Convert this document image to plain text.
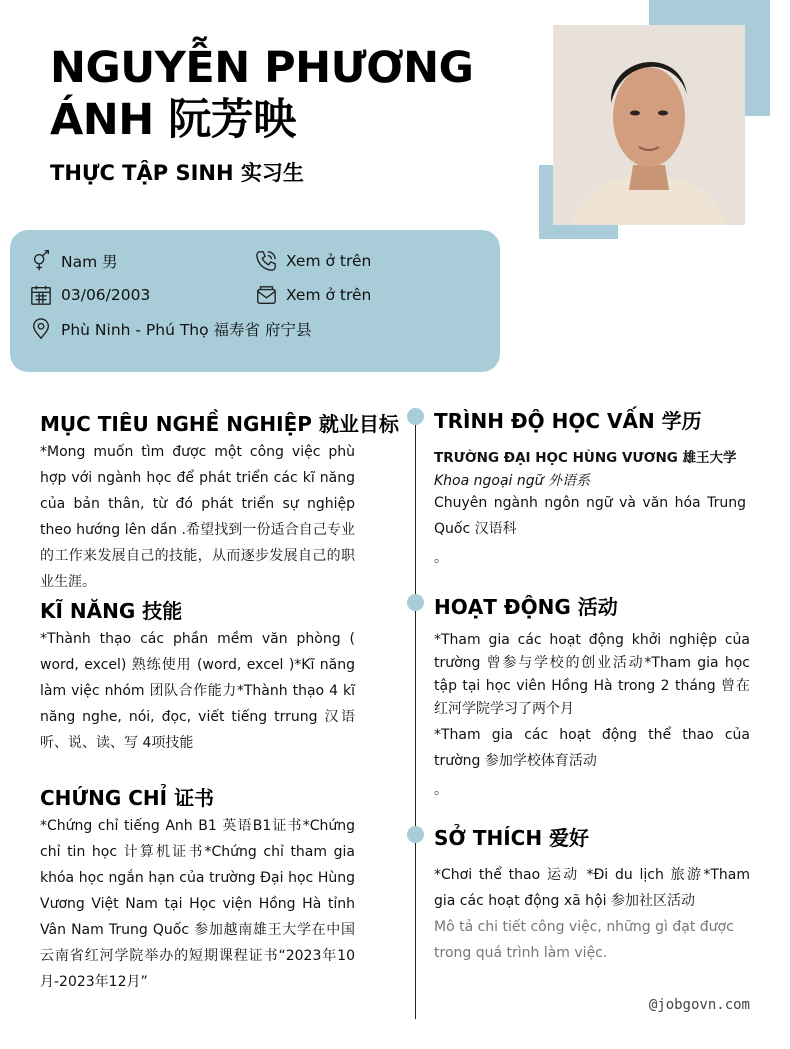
NGUYỄN PHƯƠNG
ÁNH 阮芳映
THỰC TẬP SINH 实习生
Nam 男
03/06/2003
Phù Ninh - Phú Thọ 福寿省 府宁县
Xem ở trên
Xem ở trên
MỤC TIÊU NGHỀ NGHIỆP 就业目标
*Mong muốn tìm được một công việc phù hợp với ngành học để phát triển các kĩ năng của bản thân, từ đó phát triển sự nghiệp theo hướng lên dần .希望找到一份适合自己专业的工作来发展自己的技能，从而逐步发展自己的职业生涯。
KĨ NĂNG 技能
*Thành thạo các phần mềm văn phòng ( word, excel) 熟练使用 (word, excel )*Kĩ năng làm việc nhóm 团队合作能力*Thành thạo 4 kĩ năng nghe, nói, đọc, viết tiếng trrung 汉语听、说、读、写 4项技能
CHỨNG CHỈ 证书
*Chứng chỉ tiếng Anh B1 英语B1证书*Chứng chỉ tin học 计算机证书*Chứng chỉ tham gia khóa học ngắn hạn của trường Đại học Hùng Vương Việt Nam tại Học viện Hồng Hà tỉnh Vân Nam Trung Quốc 参加越南雄王大学在中国云南省红河学院举办的短期课程证书“2023年10月-2023年12月”
TRÌNH ĐỘ HỌC VẤN 学历
TRƯỜNG ĐẠI HỌC HÙNG VƯƠNG 雄王大学
Khoa ngoại ngữ 外语系
Chuyên ngành ngôn ngữ và văn hóa Trung Quốc 汉语科
。
HOẠT ĐỘNG 活动
*Tham gia các hoạt động khởi nghiệp của trường 曾参与学校的创业活动*Tham gia học tập tại học viên Hồng Hà trong 2 tháng 曾在红河学院学习了两个月
*Tham gia các hoạt động thể thao của trường 参加学校体育活动
。
SỞ THÍCH 爱好
*Chơi thể thao 运动 *Đi du lịch 旅游*Tham gia các hoạt động xã hội 参加社区活动
Mô tả chi tiết công việc, những gì đạt được trong quá trình làm việc.
@jobgovn.com
